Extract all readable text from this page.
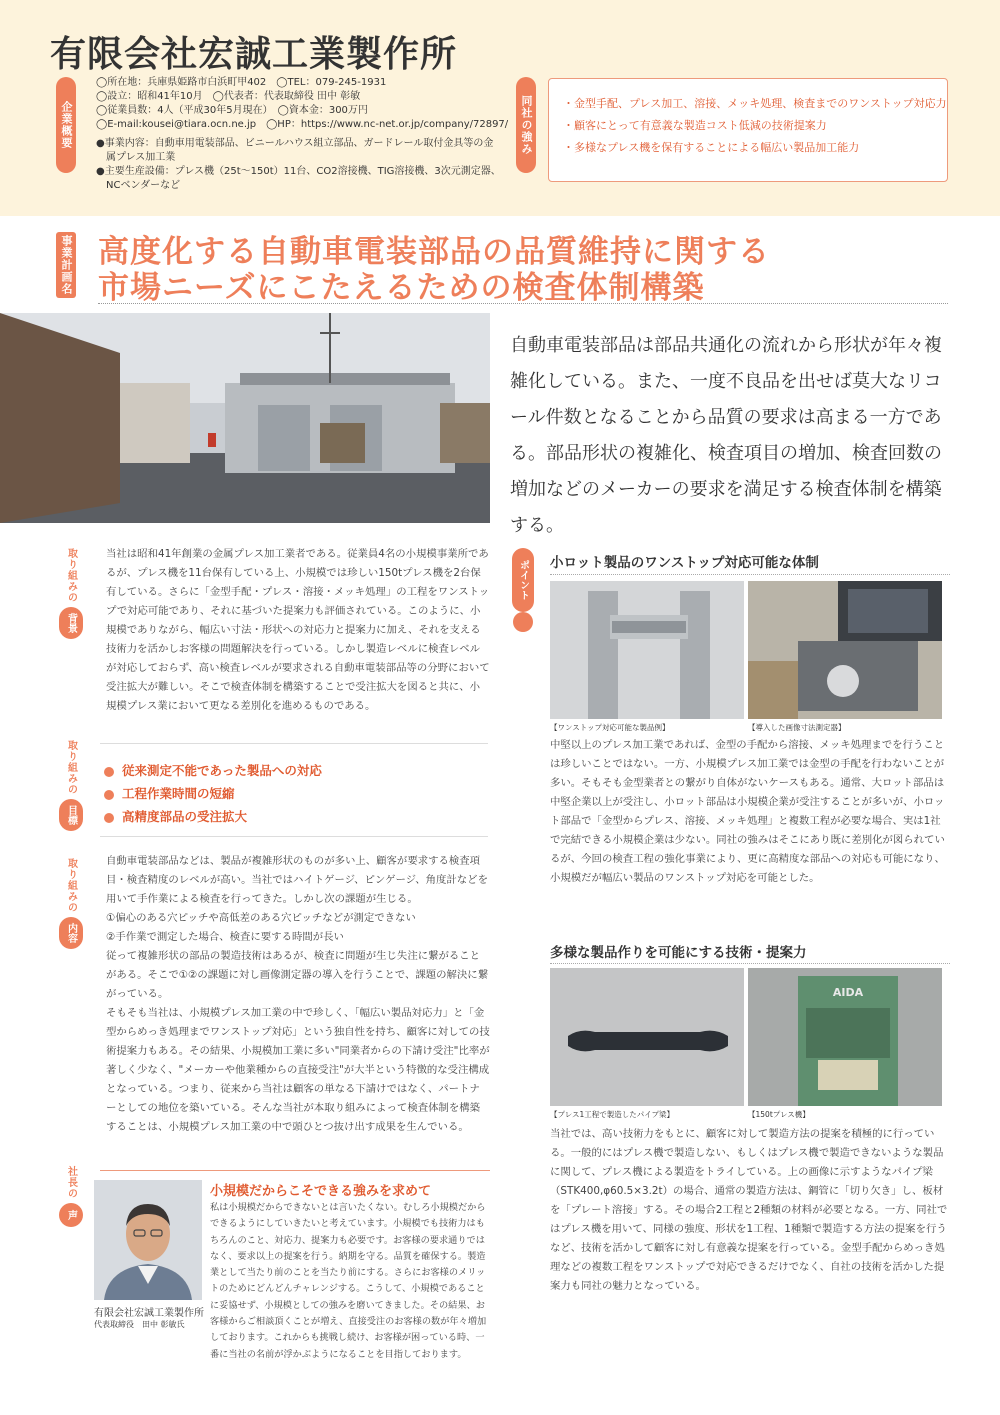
有限会社宏誠工業製作所
企業概要
◯所在地：兵庫県姫路市白浜町甲402　◯TEL：079-245-1931
◯設立：昭和41年10月　◯代表者：代表取締役 田中 彰敏
◯従業員数：4人（平成30年5月現在）　◯資本金：300万円
◯E-mail:kousei@tiara.ocn.ne.jp　◯HP：https://www.nc-net.or.jp/company/72897/
●事業内容：自動車用電装部品、ビニールハウス組立部品、ガードレール取付金具等の金
　属プレス加工業
●主要生産設備：プレス機（25t〜150t）11台、CO2溶接機、TIG溶接機、3次元測定器、
　NCベンダーなど
同社の強み	・金型手配、プレス加工、溶接、メッキ処理、検査までのワンストップ対応力
・顧客にとって有意義な製造コスト低減の技術提案力
・多様なプレス機を保有することによる幅広い製品加工能力
事業計画名 高度化する自動車電装部品の品質維持に関する
市場ニーズにこたえるための検査体制構築
自動車電装部品は部品共通化の流れから形状が年々複雑化している。また、一度不良品を出せば莫大なリコール件数となることから品質の要求は高まる一方である。部品形状の複雑化、検査項目の増加、検査回数の増加などのメーカーの要求を満足する検査体制を構築する。
取り組みの
背景
当社は昭和41年創業の金属プレス加工業者である。従業員4名の小規模事業所であるが、プレス機を11台保有している上、小規模では珍しい150tプレス機を2台保有している。さらに「金型手配・プレス・溶接・メッキ処理」の工程をワンストップで対応可能であり、それに基づいた提案力も評価されている。このように、小規模でありながら、幅広い寸法・形状への対応力と提案力に加え、それを支える技術力を活かしお客様の問題解決を行っている。しかし製造レベルに検査レベルが対応しておらず、高い検査レベルが要求される自動車電装部品等の分野において受注拡大が難しい。そこで検査体制を構築することで受注拡大を図ると共に、小規模プレス業において更なる差別化を進めるものである。
取り組みの
目標
従来測定不能であった製品への対応
工程作業時間の短縮
高精度部品の受注拡大
取り組みの
内容
自動車電装部品などは、製品が複雑形状のものが多い上、顧客が要求する検査項目・検査精度のレベルが高い。当社ではハイトゲージ、ピンゲージ、角度計などを用いて手作業による検査を行ってきた。しかし次の課題が生じる。
①偏心のある穴ピッチや高低差のある穴ピッチなどが測定できない
②手作業で測定した場合、検査に要する時間が長い
従って複雑形状の部品の製造技術はあるが、検査に問題が生じ失注に繋がることがある。そこで①②の課題に対し画像測定器の導入を行うことで、課題の解決に繋がっている。
そもそも当社は、小規模プレス加工業の中で珍しく、「幅広い製品対応力」と「金型からめっき処理までワンストップ対応」という独自性を持ち、顧客に対しての技術提案力もある。その結果、小規模加工業に多い"同業者からの下請け受注"比率が著しく少なく、"メーカーや他業種からの直接受注"が大半という特徴的な受注構成となっている。つまり、従来から当社は顧客の単なる下請けではなく、パートナーとしての地位を築いている。そんな当社が本取り組みによって検査体制を構築することは、小規模プレス加工業の中で頭ひとつ抜け出す成果を生んでいる。
社長の
声
小規模だからこそできる強みを求めて
私は小規模だからできないとは言いたくない。むしろ小規模だからできるようにしていきたいと考えています。小規模でも技術力はもちろんのこと、対応力、提案力も必要です。お客様の要求通りではなく、要求以上の提案を行う。納期を守る。品質を確保する。製造業として当たり前のことを当たり前にする。さらにお客様のメリットのためにどんどんチャレンジする。こうして、小規模であることに妥協せず、小規模としての強みを磨いてきました。その結果、お客様からご相談頂くことが増え、直接受注のお客様の数が年々増加しております。これからも挑戦し続け、お客様が困っている時、一番に当社の名前が浮かぶようになることを目指しております。
有限会社宏誠工業製作所
代表取締役　田中 彰敏氏
ポイント	小ロット製品のワンストップ対応可能な体制
【ワンストップ対応可能な製品例】	【導入した画像寸法測定器】
中堅以上のプレス加工業であれば、金型の手配から溶接、メッキ処理までを行うことは珍しいことではない。一方、小規模プレス加工業では金型の手配を行わないことが多い。そもそも金型業者との繋がり自体がないケースもある。通常、大ロット部品は中堅企業以上が受注し、小ロット部品は小規模企業が受注することが多いが、小ロット部品で「金型からプレス、溶接、メッキ処理」と複数工程が必要な場合、実は1社で完結できる小規模企業は少ない。同社の強みはそこにあり既に差別化が図られているが、今回の検査工程の強化事業により、更に高精度な部品への対応も可能になり、小規模だが幅広い製品のワンストップ対応を可能とした。
多様な製品作りを可能にする技術・提案力
AIDA
【プレス1工程で製造したパイプ梁】	【150tプレス機】
当社では、高い技術力をもとに、顧客に対して製造方法の提案を積極的に行っている。一般的にはプレス機で製造しない、もしくはプレス機で製造できないような製品に関して、プレス機による製造をトライしている。上の画像に示すようなパイプ梁（STK400,φ60.5×3.2t）の場合、通常の製造方法は、鋼管に「切り欠き」し、板材を「プレート溶接」する。その場合2工程と2種類の材料が必要となる。一方、同社ではプレス機を用いて、同様の強度、形状を1工程、1種類で製造する方法の提案を行うなど、技術を活かして顧客に対し有意義な提案を行っている。金型手配からめっき処理などの複数工程をワンストップで対応できるだけでなく、自社の技術を活かした提案力も同社の魅力となっている。
